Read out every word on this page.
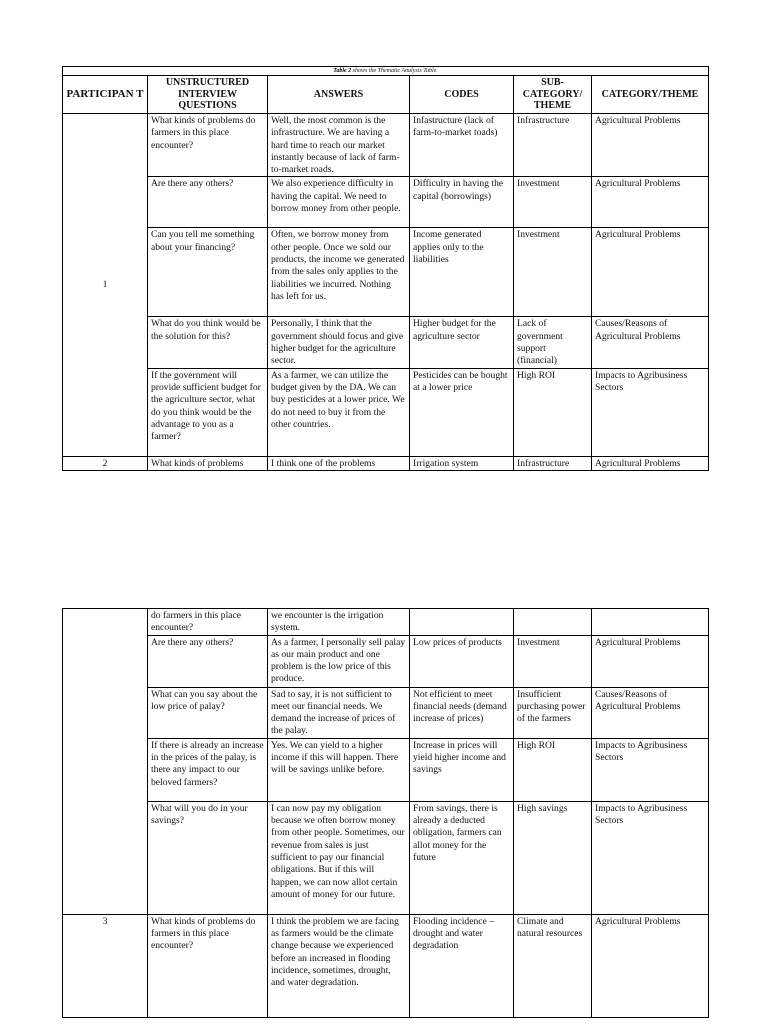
Table 2 shows the Thematic Analysis Table.					
PARTICIPAN T	UNSTRUCTURED INTERVIEW QUESTIONS	ANSWERS	CODES	SUB-CATEGORY/ THEME	CATEGORY/THEME
1	What kinds of problems do farmers in this place encounter?	Well, the most common is the infrastructure. We are having a hard time to reach our market instantly because of lack of farm-to-market roads.	Infastructure (lack of farm-to-market toads)	Infrastructure	Agricultural Problems
	Are there any others?	We also experience difficulty in having the capital. We need to borrow money from other people.	Difficulty in having the capital (borrowings)	Investment	Agricultural Problems
	Can you tell me something about your financing?	Often, we borrow money from other people. Once we sold our products, the income we generated from the sales only applies to the liabilities we incurred. Nothing has left for us.	Income generated applies only to the liabilities	Investment	Agricultural Problems
	What do you think would be the solution for this?	Personally, I think that the government should focus and give higher budget for the agriculture sector.	Higher budget for the agriculture sector	Lack of government support (financial)	Causes/Reasons of Agricultural Problems
	If the government will provide sufficient budget for the agriculture sector, what do you think would be the advantage to you as a farmer?	As a farmer, we can utilize the budget given by the DA. We can buy pesticides at a lower price. We do not need to buy it from the other countries.	Pesticides can be bought at a lower price	High ROI	Impacts to Agribusiness Sectors
2	What kinds of problems	I think one of the problems	Irrigation system	Infrastructure	Agricultural Problems
	do farmers in this place encounter?	we encounter is the irrigation system.			
	Are there any others?	As a farmer, I personally sell palay as our main product and one problem is the low price of this produce.	Low prices of products	Investment	Agricultural Problems
	What can you say about the low price of palay?	Sad to say, it is not sufficient to meet our financial needs. We demand the increase of prices of the palay.	Not efficient to meet financial needs (demand increase of prices)	Insufficient purchasing power of the farmers	Causes/Reasons of Agricultural Problems
	If there is already an increase in the prices of the palay, is there any impact to our beloved farmers?	Yes. We can yield to a higher income if this will happen. There will be savings unlike before.	Increase in prices will yield higher income and savings	High ROI	Impacts to Agribusiness Sectors
	What will you do in your savings?	I can now pay my obligation because we often borrow money from other people. Sometimes, our revenue from sales is just sufficient to pay our financial obligations. But if this will happen, we can now allot certain amount of money for our future.	From savings, there is already a deducted obligation, farmers can allot money for the future	High savings	Impacts to Agribusiness Sectors
3	What kinds of problems do farmers in this place encounter?	I think the problem we are facing as farmers would be the climate change because we experienced before an increased in flooding incidence, sometimes, drought, and water degradation.	Flooding incidence – drought and water degradation	Climate and natural resources	Agricultural Problems
